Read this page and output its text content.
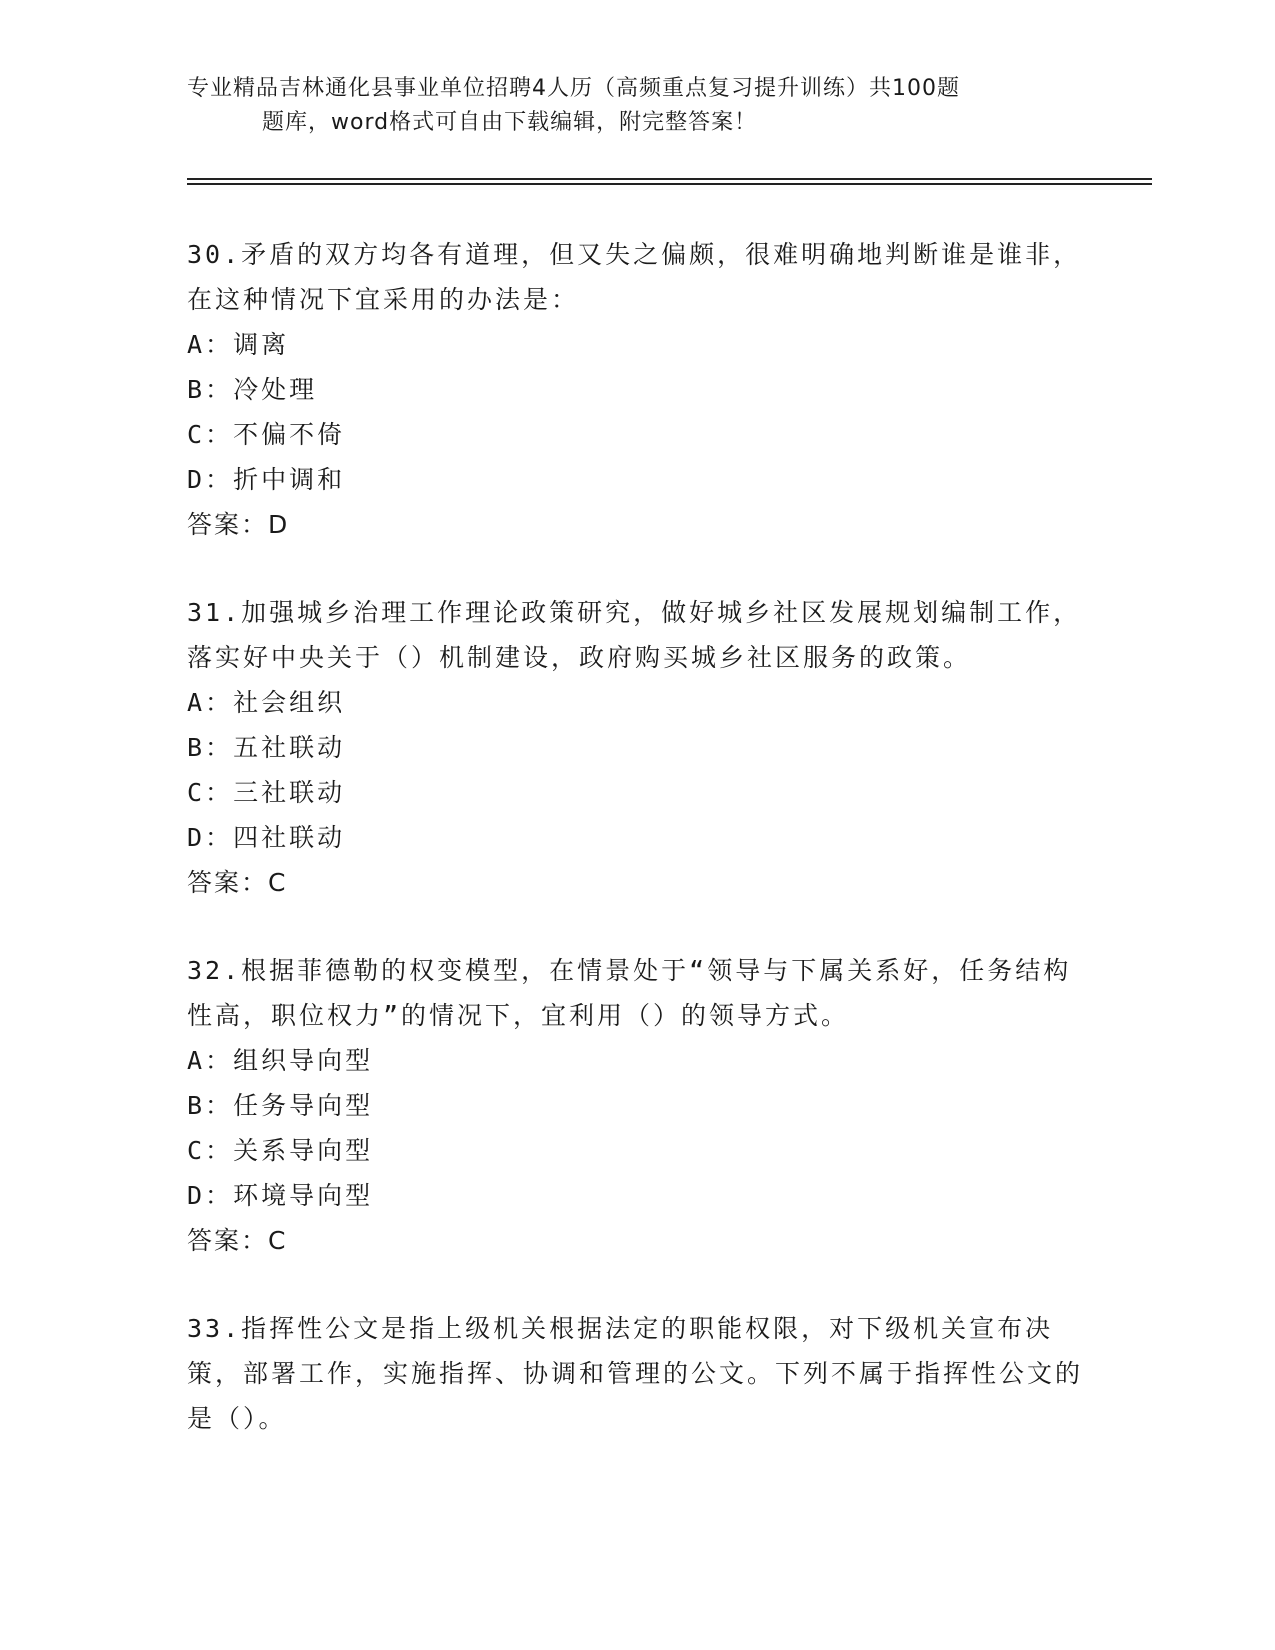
专业精品吉林通化县事业单位招聘4人历（高频重点复习提升训练）共100题
题库，word格式可自由下载编辑，附完整答案！

30.矛盾的双方均各有道理，但又失之偏颇，很难明确地判断谁是谁非，在这种情况下宜采用的办法是：

A：调离

B：冷处理

C：不偏不倚

D：折中调和

答案：D

31.加强城乡治理工作理论政策研究，做好城乡社区发展规划编制工作，落实好中央关于（）机制建设，政府购买城乡社区服务的政策。

A：社会组织

B：五社联动

C：三社联动

D：四社联动

答案：C

32.根据菲德勒的权变模型，在情景处于“领导与下属关系好，任务结构性高，职位权力”的情况下，宜利用（）的领导方式。

A：组织导向型

B：任务导向型

C：关系导向型

D：环境导向型

答案：C

33.指挥性公文是指上级机关根据法定的职能权限，对下级机关宣布决策，部署工作，实施指挥、协调和管理的公文。下列不属于指挥性公文的是（）。
